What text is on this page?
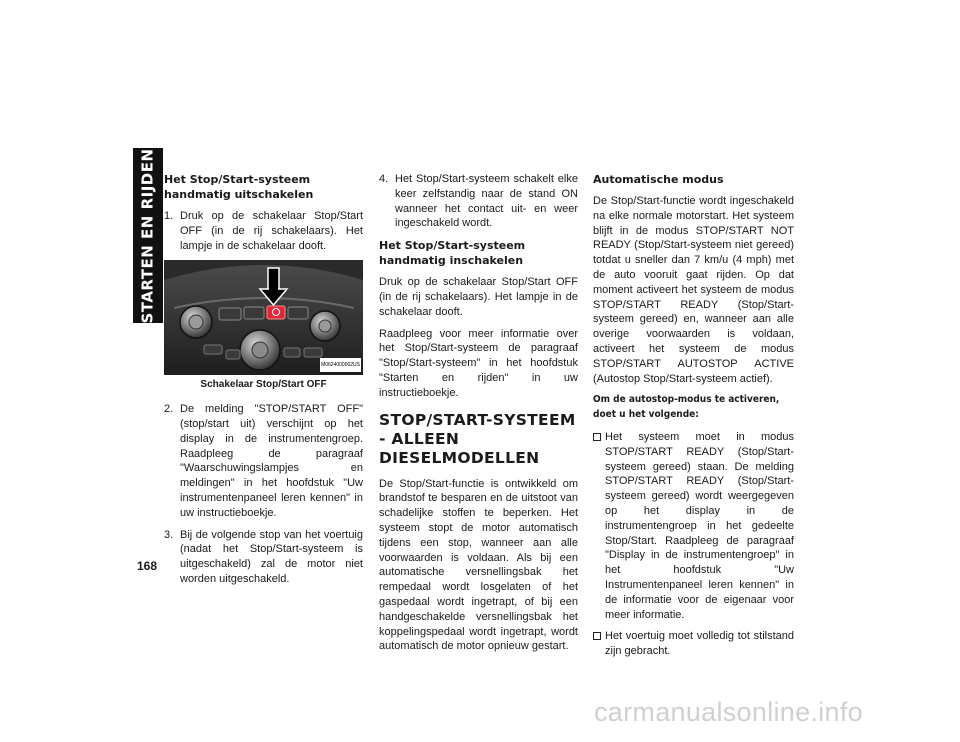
STARTEN EN RIJDEN
168
Het Stop/Start-systeem handmatig uitschakelen
1. Druk op de schakelaar Stop/Start OFF (in de rij schakelaars). Het lampje in de schakelaar dooft.
M0624000002US
Schakelaar Stop/Start OFF
2. De melding "STOP/START OFF" (stop/start uit) verschijnt op het display in de instrumentengroep. Raadpleeg de paragraaf "Waarschuwingslampjes en meldingen" in het hoofdstuk "Uw instrumentenpaneel leren kennen" in uw instructieboekje.
3. Bij de volgende stop van het voertuig (nadat het Stop/Start-systeem is uitgeschakeld) zal de motor niet worden uitgeschakeld.
4. Het Stop/Start-systeem schakelt elke keer zelfstandig naar de stand ON wanneer het contact uit- en weer ingeschakeld wordt.
Het Stop/Start-systeem handmatig inschakelen

Druk op de schakelaar Stop/Start OFF (in de rij schakelaars). Het lampje in de schakelaar dooft.

Raadpleeg voor meer informatie over het Stop/Start-systeem de paragraaf "Stop/Start-systeem" in het hoofdstuk "Starten en rijden" in uw instructieboekje.

STOP/START-SYSTEEM - ALLEEN DIESELMODELLEN

De Stop/Start-functie is ontwikkeld om brandstof te besparen en de uitstoot van schadelijke stoffen te beperken. Het systeem stopt de motor automatisch tijdens een stop, wanneer aan alle voorwaarden is voldaan. Als bij een automatische versnellingsbak het rempedaal wordt losgelaten of het gaspedaal wordt ingetrapt, of bij een handgeschakelde versnellingsbak het koppelingspedaal wordt ingetrapt, wordt automatisch de motor opnieuw gestart.

Automatische modus

De Stop/Start-functie wordt ingeschakeld na elke normale motorstart. Het systeem blijft in de modus STOP/START NOT READY (Stop/Start-systeem niet gereed) totdat u sneller dan 7 km/u (4 mph) met de auto vooruit gaat rijden. Op dat moment activeert het systeem de modus STOP/START READY (Stop/Start-systeem gereed) en, wanneer aan alle overige voorwaarden is voldaan, activeert het systeem de modus STOP/START AUTOSTOP ACTIVE (Autostop Stop/Start-systeem actief).

Om de autostop-modus te activeren, doet u het volgende:
Het systeem moet in modus STOP/START READY (Stop/Start-systeem gereed) staan. De melding STOP/START READY (Stop/Start-systeem gereed) wordt weergegeven op het display in de instrumentengroep in het gedeelte Stop/Start. Raadpleeg de paragraaf "Display in de instrumentengroep" in het hoofdstuk "Uw Instrumentenpaneel leren kennen" in de informatie voor de eigenaar voor meer informatie.
Het voertuig moet volledig tot stilstand zijn gebracht.
carmanualsonline.info
